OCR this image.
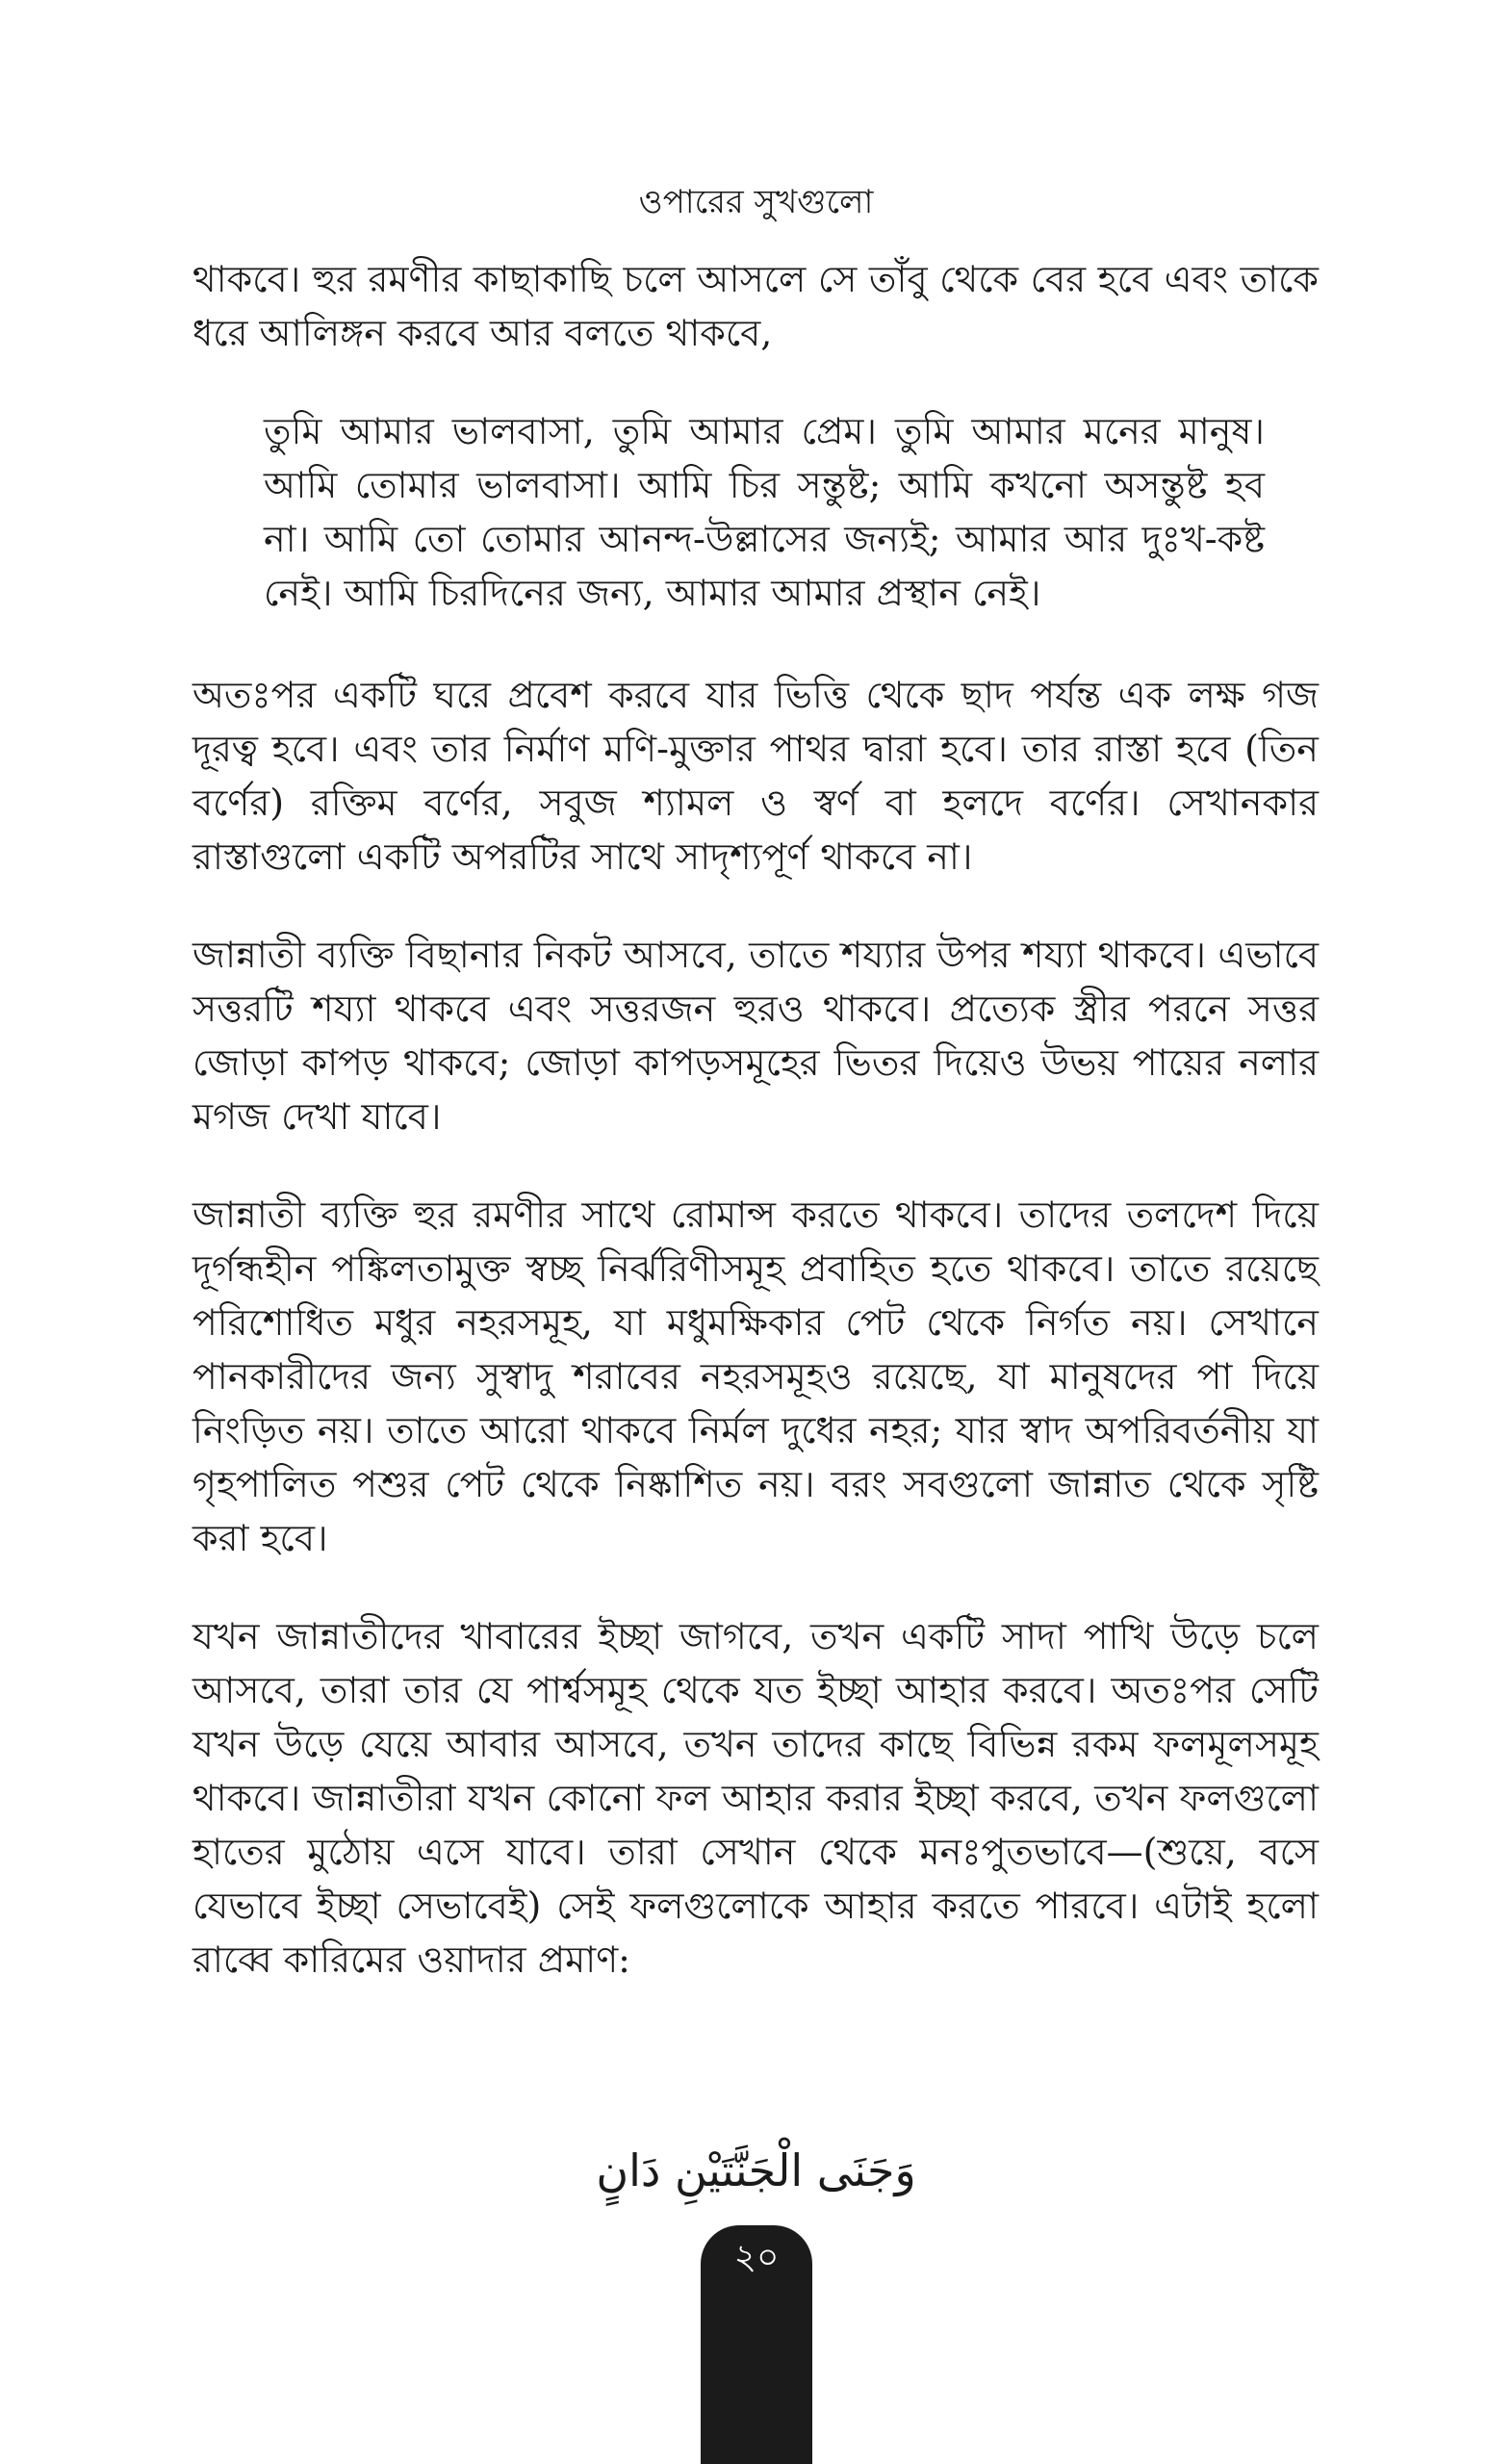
ওপারের সুখগুলো

থাকবে। হুর রমণীর কাছাকাছি চলে আসলে সে তাঁবু থেকে বের হবে এবং তাকে ধরে আলিঙ্গন করবে আর বলতে থাকবে,

তুমি আমার ভালবাসা, তুমি আমার প্রেম। তুমি আমার মনের মানুষ। আমি তোমার ভালবাসা। আমি চির সন্তুষ্ট; আমি কখনো অসন্তুষ্ট হব না। আমি তো তোমার আনন্দ-উল্লাসের জন্যই; আমার আর দুঃখ-কষ্ট নেই। আমি চিরদিনের জন্য, আমার আমার প্রস্থান নেই।

অতঃপর একটি ঘরে প্রবেশ করবে যার ভিত্তি থেকে ছাদ পর্যন্ত এক লক্ষ গজ দূরত্ব হবে। এবং তার নির্মাণ মণি-মুক্তার পাথর দ্বারা হবে। তার রাস্তা হবে (তিন বর্ণের) রক্তিম বর্ণের, সবুজ শ্যামল ও স্বর্ণ বা হলদে বর্ণের। সেখানকার রাস্তাগুলো একটি অপরটির সাথে সাদৃশ্যপূর্ণ থাকবে না।

জান্নাতী ব্যক্তি বিছানার নিকট আসবে, তাতে শয্যার উপর শয্যা থাকবে। এভাবে সত্তরটি শয্যা থাকবে এবং সত্তরজন হুরও থাকবে। প্রত্যেক স্ত্রীর পরনে সত্তর জোড়া কাপড় থাকবে; জোড়া কাপড়সমূহের ভিতর দিয়েও উভয় পায়ের নলার মগজ দেখা যাবে।

জান্নাতী ব্যক্তি হুর রমণীর সাথে রোমান্স করতে থাকবে। তাদের তলদেশ দিয়ে দূর্গন্ধহীন পঙ্কিলতামুক্ত স্বচ্ছ নির্ঝরিণীসমূহ প্রবাহিত হতে থাকবে। তাতে রয়েছে পরিশোধিত মধুর নহরসমূহ, যা মধুমক্ষিকার পেট থেকে নির্গত নয়। সেখানে পানকারীদের জন্য সুস্বাদু শরাবের নহরসমূহও রয়েছে, যা মানুষদের পা দিয়ে নিংড়িত নয়। তাতে আরো থাকবে নির্মল দুধের নহর; যার স্বাদ অপরিবর্তনীয় যা গৃহপালিত পশুর পেট থেকে নিষ্কাশিত নয়। বরং সবগুলো জান্নাত থেকে সৃষ্টি করা হবে।

যখন জান্নাতীদের খাবারের ইচ্ছা জাগবে, তখন একটি সাদা পাখি উড়ে চলে আসবে, তারা তার যে পার্শ্বসমূহ থেকে যত ইচ্ছা আহার করবে। অতঃপর সেটি যখন উড়ে যেয়ে আবার আসবে, তখন তাদের কাছে বিভিন্ন রকম ফলমূলসমূহ থাকবে। জান্নাতীরা যখন কোনো ফল আহার করার ইচ্ছা করবে, তখন ফলগুলো হাতের মুঠোয় এসে যাবে। তারা সেখান থেকে মনঃপুতভাবে—(শুয়ে, বসে যেভাবে ইচ্ছা সেভাবেই) সেই ফলগুলোকে আহার করতে পারবে। এটাই হলো রাব্বে কারিমের ওয়াদার প্রমাণ:

وَجَنَى الْجَنَّتَيْنِ دَانٍ
২০
